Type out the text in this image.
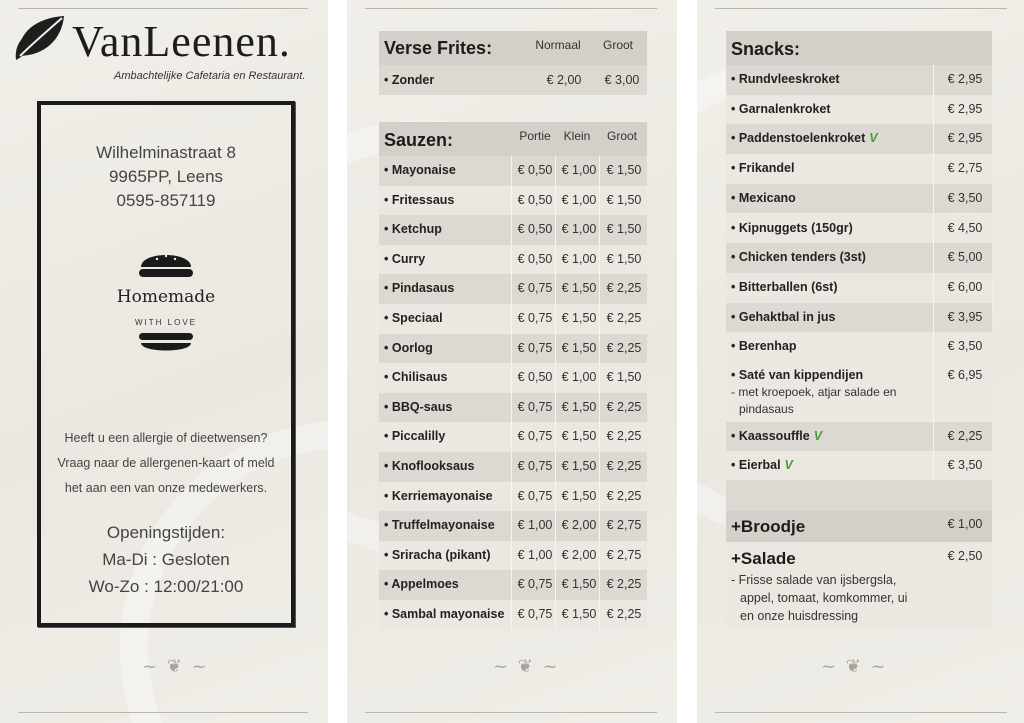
VanLeenen.
Ambachtelijke Cafetaria en Restaurant.
Wilhelminastraat 8
9965PP, Leens
0595-857119
Homemade
WITH LOVE
Heeft u een allergie of dieetwensen?
Vraag naar de allergenen-kaart of meld
het aan een van onze medewerkers.
Openingstijden:
Ma-Di : Gesloten
Wo-Zo : 12:00/21:00
~ ❦ ~
Verse Frites:	Normaal	Groot
• Zonder	€ 2,00	€ 3,00
Sauzen:	Portie	Klein	Groot
• Mayonaise	€ 0,50 € 1,00 € 1,50
• Fritessaus	€ 0,50 € 1,00 € 1,50
• Ketchup	€ 0,50 € 1,00 € 1,50
• Curry	€ 0,50 € 1,00 € 1,50
• Pindasaus	€ 0,75 € 1,50 € 2,25
• Speciaal	€ 0,75 € 1,50 € 2,25
• Oorlog	€ 0,75 € 1,50 € 2,25
• Chilisaus	€ 0,50 € 1,00 € 1,50
• BBQ-saus	€ 0,75 € 1,50 € 2,25
• Piccalilly	€ 0,75 € 1,50 € 2,25
• Knoflooksaus	€ 0,75 € 1,50 € 2,25
• Kerriemayonaise	€ 0,75 € 1,50 € 2,25
• Truffelmayonaise	€ 1,00 € 2,00 € 2,75
• Sriracha (pikant)	€ 1,00 € 2,00 € 2,75
• Appelmoes	€ 0,75 € 1,50 € 2,25
• Sambal mayonaise	€ 0,75 € 1,50 € 2,25
~ ❦ ~
Snacks:
• Saté van kippendijen	€ 6,95
- met kroepoek, atjar salade en
pindasaus
• Kaassouffle V	€ 2,25
• Eierbal V	€ 3,50
+Broodje	€ 1,00
+Salade	€ 2,50
- Frisse salade van ijsbergsla,
appel, tomaat, komkommer, ui
en onze huisdressing
• Rundvleeskroket	€ 2,95
• Garnalenkroket	€ 2,95
• Paddenstoelenkroket V	€ 2,95
• Frikandel	€ 2,75
• Mexicano	€ 3,50
• Kipnuggets (150gr)	€ 4,50
• Chicken tenders (3st)	€ 5,00
• Bitterballen (6st)	€ 6,00
• Gehaktbal in jus	€ 3,95
• Berenhap	€ 3,50
~ ❦ ~
